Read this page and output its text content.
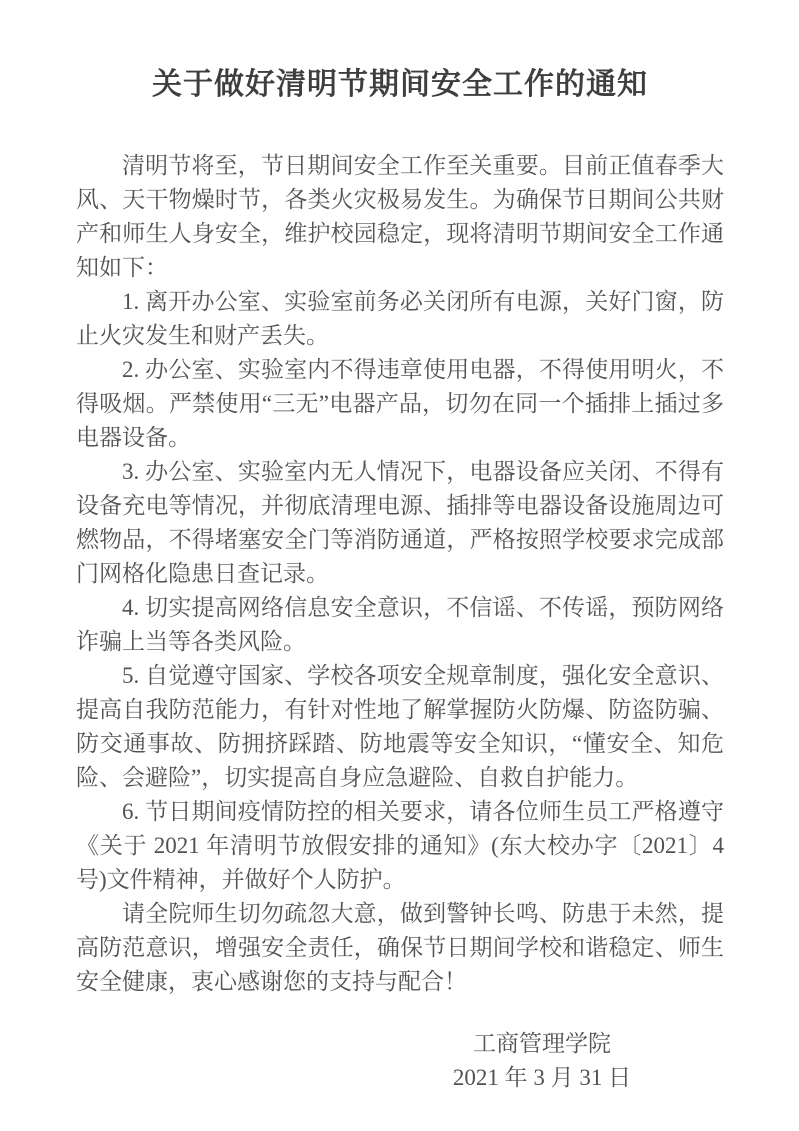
关于做好清明节期间安全工作的通知

清明节将至，节日期间安全工作至关重要。目前正值春季大风、天干物燥时节，各类火灾极易发生。为确保节日期间公共财产和师生人身安全，维护校园稳定，现将清明节期间安全工作通知如下：

1. 离开办公室、实验室前务必关闭所有电源，关好门窗，防止火灾发生和财产丢失。

2. 办公室、实验室内不得违章使用电器，不得使用明火，不得吸烟。严禁使用“三无”电器产品，切勿在同一个插排上插过多电器设备。

3. 办公室、实验室内无人情况下，电器设备应关闭、不得有设备充电等情况，并彻底清理电源、插排等电器设备设施周边可燃物品，不得堵塞安全门等消防通道，严格按照学校要求完成部门网格化隐患日查记录。

4. 切实提高网络信息安全意识，不信谣、不传谣，预防网络诈骗上当等各类风险。

5. 自觉遵守国家、学校各项安全规章制度，强化安全意识、提高自我防范能力，有针对性地了解掌握防火防爆、防盗防骗、防交通事故、防拥挤踩踏、防地震等安全知识，“懂安全、知危险、会避险”，切实提高自身应急避险、自救自护能力。

6. 节日期间疫情防控的相关要求，请各位师生员工严格遵守《关于 2021 年清明节放假安排的通知》(东大校办字〔2021〕4 号)文件精神，并做好个人防护。

请全院师生切勿疏忽大意，做到警钟长鸣、防患于未然，提高防范意识，增强安全责任，确保节日期间学校和谐稳定、师生安全健康，衷心感谢您的支持与配合！

工商管理学院
2021 年 3 月 31 日
